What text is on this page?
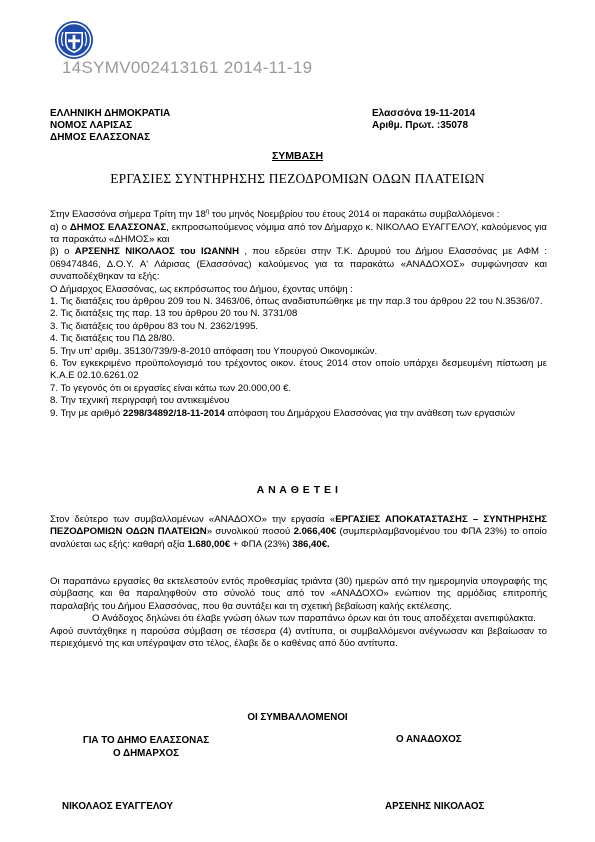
14SYMV002413161 2014-11-19
ΕΛΛΗΝΙΚΗ ΔΗΜΟΚΡΑΤΙΑ
ΝΟΜΟΣ ΛΑΡΙΣΑΣ
ΔΗΜΟΣ ΕΛΑΣΣΟΝΑΣ
Ελασσόνα 19-11-2014
Αριθμ. Πρωτ. :35078
ΣΥΜΒΑΣΗ
ΕΡΓΑΣΙΕΣ ΣΥΝΤΗΡΗΣΗΣ ΠΕΖΟΔΡΟΜΙΩΝ ΟΔΩΝ ΠΛΑΤΕΙΩΝ

Στην Ελασσόνα σήμερα Τρίτη την $18^\eta$ του μηνός Νοεμβρίου του έτους 2014 οι παρακάτω συμβαλλόμενοι :

α) ο ΔΗΜΟΣ ΕΛΑΣΣΟΝΑΣ, εκπροσωπούμενος νόμιμα από τον Δήμαρχο κ. ΝΙΚΟΛΑΟ ΕΥΑΓΓΕΛΟΥ, καλούμενος για τα παρακάτω «ΔΗΜΟΣ» και

β) ο ΑΡΣΕΝΗΣ ΝΙΚΟΛΑΟΣ του ΙΩΑΝΝΗ , που εδρεύει στην Τ.Κ. Δρυμού του Δήμου Ελασσόνας με ΑΦΜ : 069474846, Δ.Ο.Υ. Α' Λάρισας (Ελασσόνας) καλούμενος για τα παρακάτω «ΑΝΑΔΟΧΟΣ» συμφώνησαν και συναποδέχθηκαν τα εξής:

Ο Δήμαρχος Ελασσόνας, ως εκπρόσωπος του Δήμου, έχοντας υπόψη :

1. Τις διατάξεις του άρθρου 209 του Ν. 3463/06, όπως αναδιατυπώθηκε με την παρ.3 του άρθρου 22 του Ν.3536/07.

2. Τις διατάξεις της παρ. 13 του άρθρου 20 του Ν. 3731/08

3. Τις διατάξεις του άρθρου 83 του Ν. 2362/1995.

4. Τις διατάξεις του ΠΔ 28/80.

5. Την υπ' αριθμ. 35130/739/9-8-2010 απόφαση του Υπουργού Οικονομικών.

6. Τον εγκεκριμένο προϋπολογισμό του τρέχοντος οικον. έτους 2014 στον οποίο υπάρχει δεσμευμένη πίστωση με Κ.Α.Ε 02.10.6261.02

7. Το γεγονός ότι οι εργασίες είναι κάτω των 20.000,00 €.

8. Την τεχνική περιγραφή του αντικειμένου

9. Την με αριθμό 2298/34892/18-11-2014 απόφαση του Δημάρχου Ελασσόνας για την ανάθεση των εργασιών

Α Ν Α Θ Ε Τ Ε Ι

Στον δεύτερο των συμβαλλομένων «ΑΝΑΔΟΧΟ» την εργασία «ΕΡΓΑΣΙΕΣ ΑΠΟΚΑΤΑΣΤΑΣΗΣ – ΣΥΝΤΗΡΗΣΗΣ ΠΕΖΟΔΡΟΜΙΩΝ ΟΔΩΝ ΠΛΑΤΕΙΩΝ» συνολικού ποσού 2.066,40€ (συμπεριλαμβανομένου του ΦΠΑ 23%) το οποίο αναλύεται ως εξής: καθαρή αξία 1.680,00€ + ΦΠΑ (23%) 386,40€.

Οι παραπάνω εργασίες θα εκτελεστούν εντός προθεσμίας τριάντα (30) ημερών από την ημερομηνία υπογραφής της σύμβασης και θα παραληφθούν στο σύνολό τους από τον «ΑΝΑΔΟΧΟ» ενώπιον της αρμόδιας επιτροπής παραλαβής του Δήμου Ελασσόνας, που θα συντάξει και τη σχετική βεβαίωση καλής εκτέλεσης.

Ο Ανάδοχος δηλώνει ότι έλαβε γνώση όλων των παραπάνω όρων και ότι τους αποδέχεται ανεπιφύλακτα.

Αφού συντάχθηκε η παρούσα σύμβαση σε τέσσερα (4) αντίτυπα, οι συμβαλλόμενοι ανέγνωσαν και βεβαίωσαν το περιεχόμενό της και υπέγραψαν στο τέλος, έλαβε δε ο καθένας από δύο αντίτυπα.

ΟΙ ΣΥΜΒΑΛΛΟΜΕΝΟΙ
ΓΙΑ ΤΟ ΔΗΜΟ ΕΛΑΣΣΟΝΑΣ
Ο ΔΗΜΑΡΧΟΣ
Ο ΑΝΑΔΟΧΟΣ
ΝΙΚΟΛΑΟΣ ΕΥΑΓΓΕΛΟΥ	ΑΡΣΕΝΗΣ ΝΙΚΟΛΑΟΣ
